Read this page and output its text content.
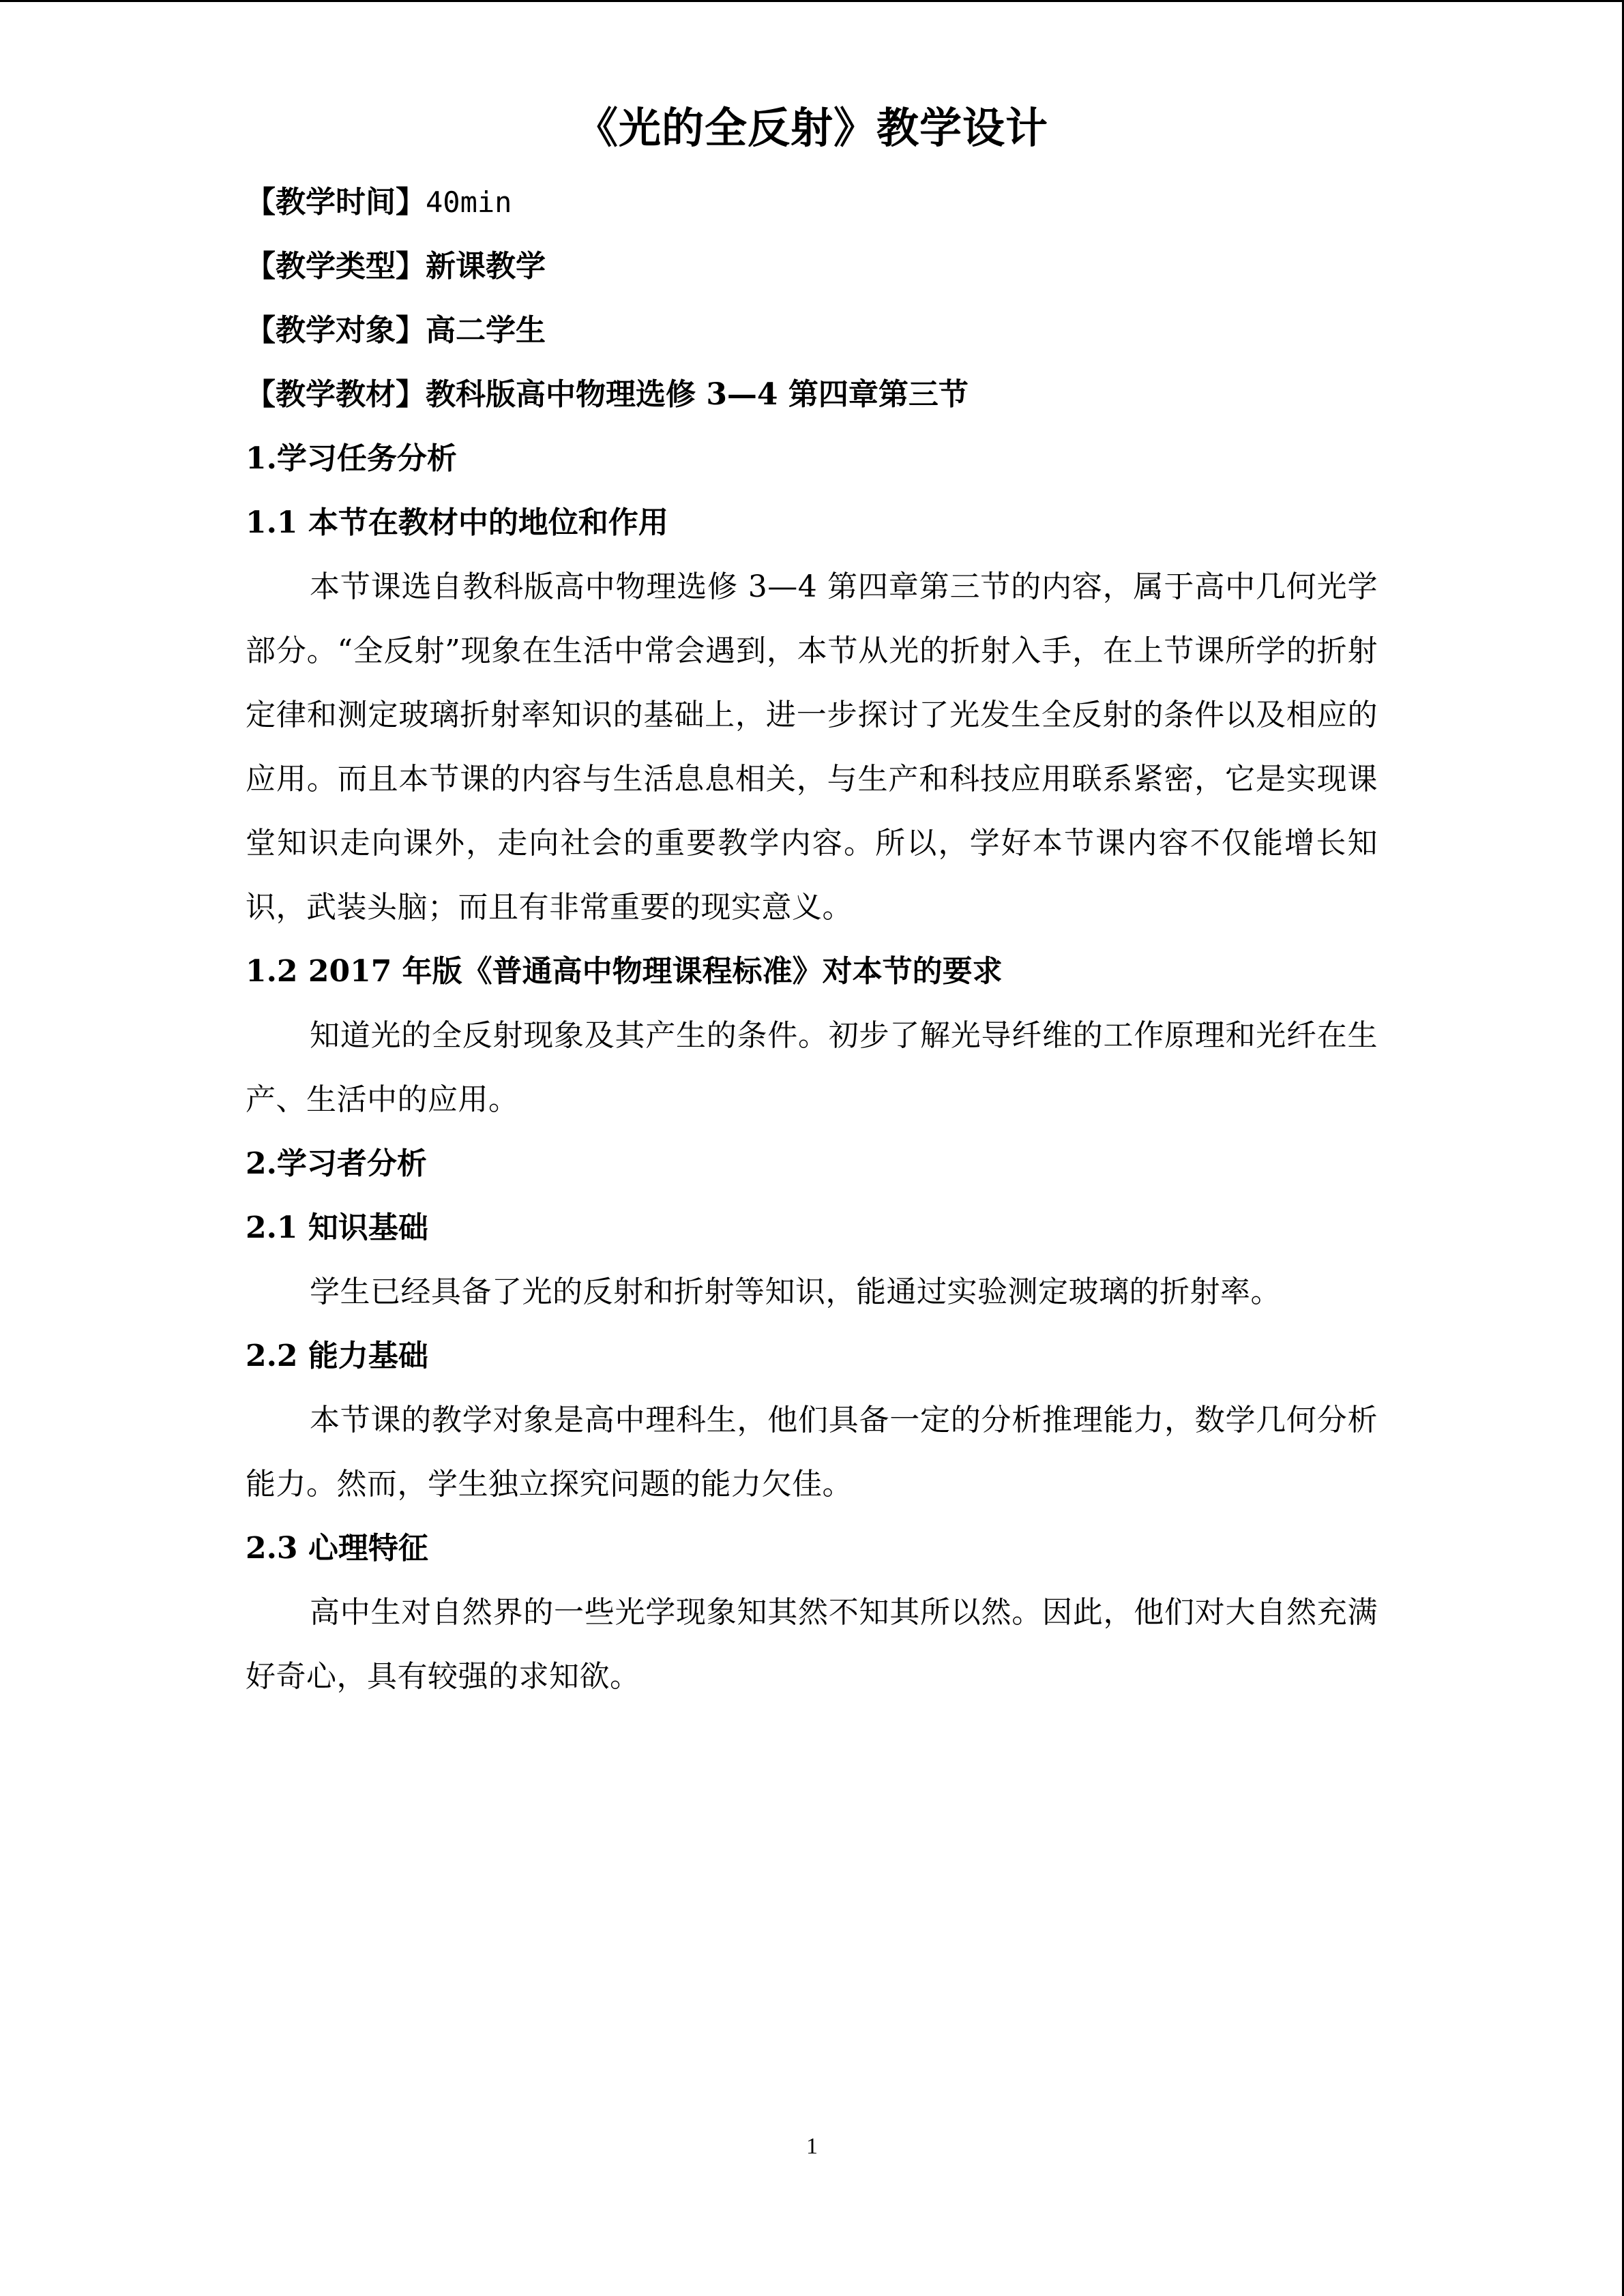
《光的全反射》教学设计
【教学时间】40min
【教学类型】新课教学
【教学对象】高二学生
【教学教材】教科版高中物理选修 3—4 第四章第三节
1.学习任务分析
1.1 本节在教材中的地位和作用
本节课选自教科版高中物理选修 3—4 第四章第三节的内容，属于高中几何光学部分。“全反射”现象在生活中常会遇到，本节从光的折射入手，在上节课所学的折射定律和测定玻璃折射率知识的基础上，进一步探讨了光发生全反射的条件以及相应的应用。而且本节课的内容与生活息息相关，与生产和科技应用联系紧密，它是实现课堂知识走向课外，走向社会的重要教学内容。所以，学好本节课内容不仅能增长知识，武装头脑；而且有非常重要的现实意义。
1.2 2017 年版《普通高中物理课程标准》对本节的要求
知道光的全反射现象及其产生的条件。初步了解光导纤维的工作原理和光纤在生产、生活中的应用。
2.学习者分析
2.1 知识基础
学生已经具备了光的反射和折射等知识，能通过实验测定玻璃的折射率。
2.2 能力基础
本节课的教学对象是高中理科生，他们具备一定的分析推理能力，数学几何分析能力。然而，学生独立探究问题的能力欠佳。
2.3 心理特征
高中生对自然界的一些光学现象知其然不知其所以然。因此，他们对大自然充满好奇心，具有较强的求知欲。
1
